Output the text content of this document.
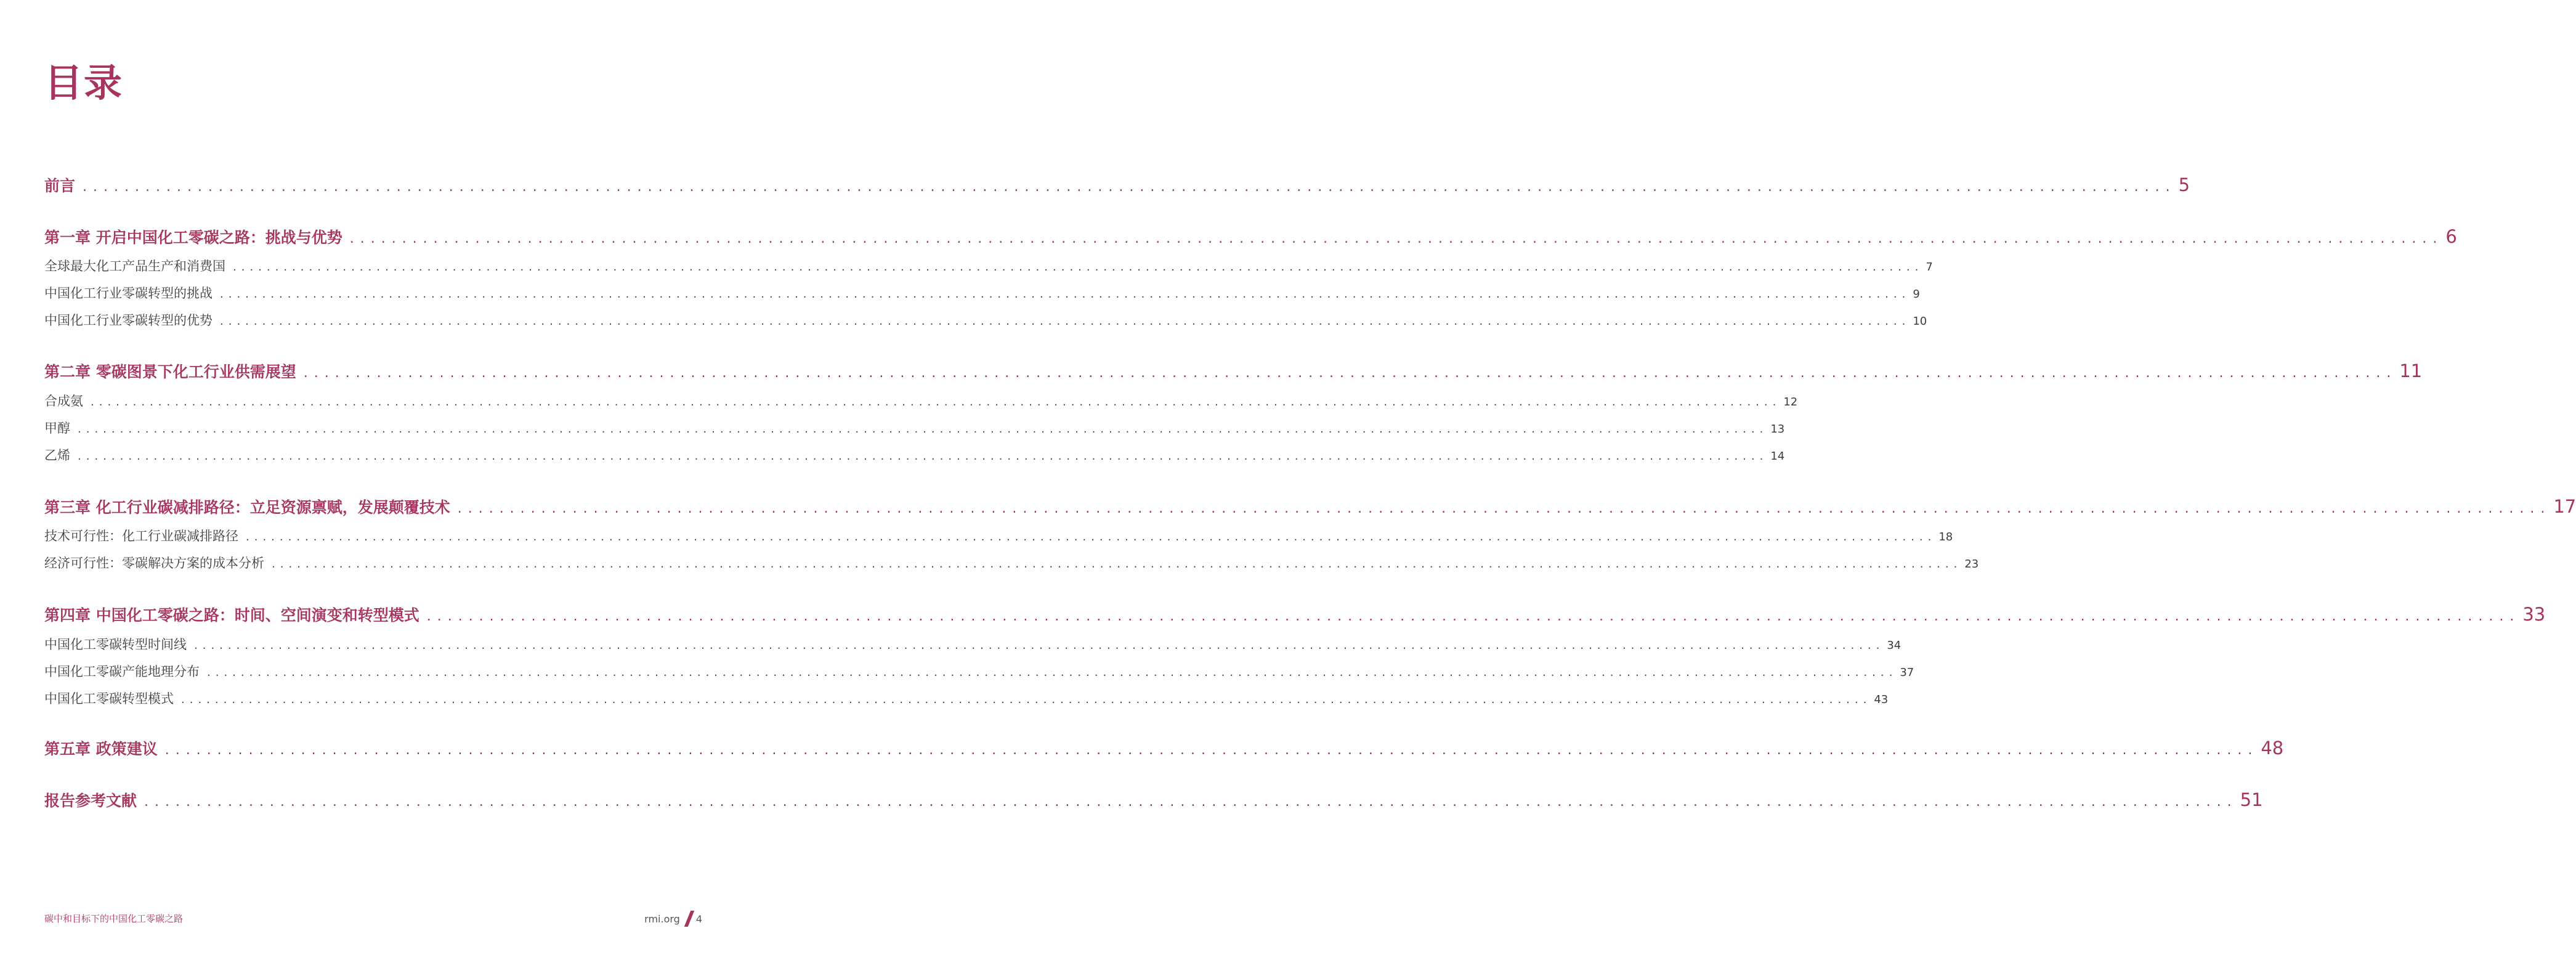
目录
前言 ........................................................................................................................................................................................................ 5
第一章 开启中国化工零碳之路：挑战与优势 ........................................................................................................................................................................................................ 6
全球最大化工产品生产和消费国 ........................................................................................................................................................................................................ 7
中国化工行业零碳转型的挑战 ........................................................................................................................................................................................................ 9
中国化工行业零碳转型的优势 ........................................................................................................................................................................................................ 10
第二章 零碳图景下化工行业供需展望 ........................................................................................................................................................................................................ 11
合成氨 ........................................................................................................................................................................................................ 12
甲醇 ........................................................................................................................................................................................................ 13
乙烯 ........................................................................................................................................................................................................ 14
第三章 化工行业碳减排路径：立足资源禀赋，发展颠覆技术 ........................................................................................................................................................................................................ 17
技术可行性：化工行业碳减排路径 ........................................................................................................................................................................................................ 18
经济可行性：零碳解决方案的成本分析 ........................................................................................................................................................................................................ 23
第四章 中国化工零碳之路：时间、空间演变和转型模式 ........................................................................................................................................................................................................ 33
中国化工零碳转型时间线 ........................................................................................................................................................................................................ 34
中国化工零碳产能地理分布 ........................................................................................................................................................................................................ 37
中国化工零碳转型模式 ........................................................................................................................................................................................................ 43
第五章 政策建议 ........................................................................................................................................................................................................ 48
报告参考文献 ........................................................................................................................................................................................................ 51
碳中和目标下的中国化工零碳之路	rmi.org 4
